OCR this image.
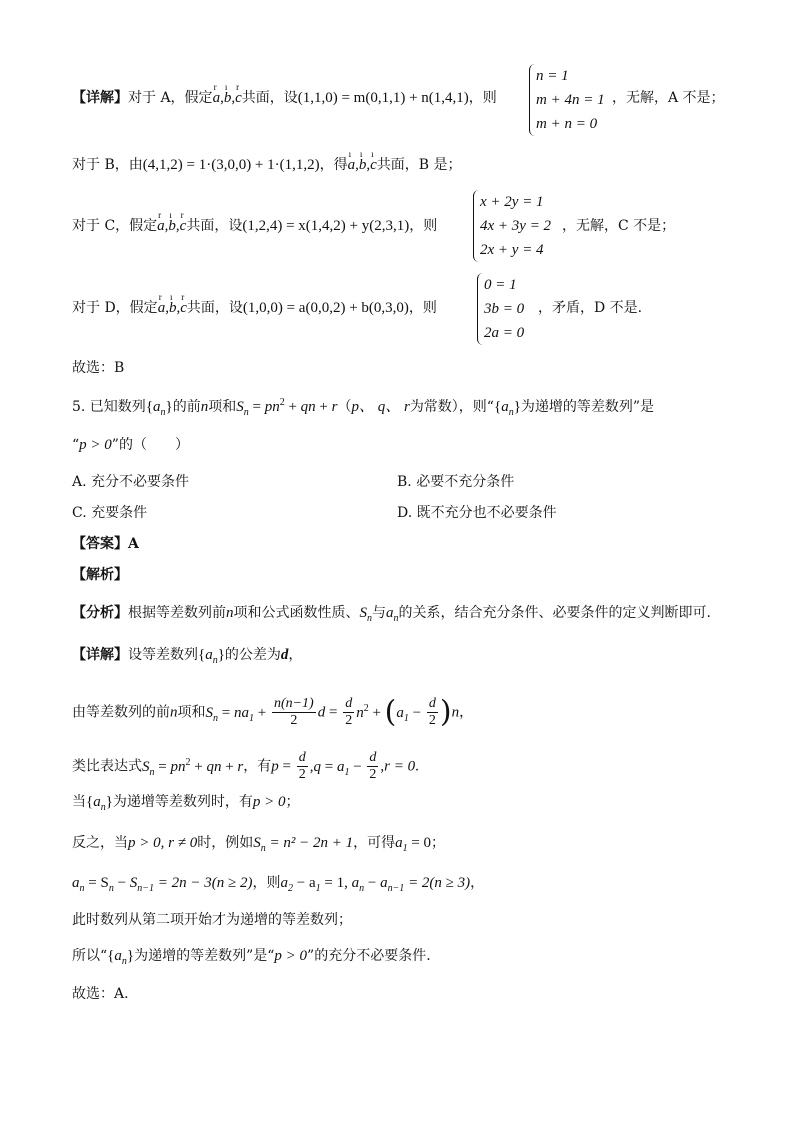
【详解】对于 A，假定r a,ı b,r c共面，设(1,1,0) = m(0,1,1) + n(1,4,1)，则
n = 1
m + 4n = 1
m + n = 0
，无解，A 不是；
对于 B，由(4,1,2) = 1·(3,0,0) + 1·(1,1,2)，得ı a,ı b,ı c共面，B 是；
对于 C，假定r a,ı b,r c共面，设(1,2,4) = x(1,4,2) + y(2,3,1)，则
x + 2y = 1
4x + 3y = 2
2x + y = 4
，无解，C 不是；
对于 D，假定r a,ı b,r c共面，设(1,0,0) = a(0,0,2) + b(0,3,0)，则
0 = 1
3b = 0
2a = 0
，矛盾，D 不是.
故选：B
5. 已知数列$\{a_n\}$的前n项和$S_n = pn^2$ + qn + r（p、 q、 r为常数），则“$\{a_n\}$为递增的等差数列”是
“p > 0”的（　　）
A. 充分不必要条件	B. 必要不充分条件
C. 充要条件	D. 既不充分也不必要条件
【答案】A
【解析】
【分析】根据等差数列前n项和公式函数性质、$S_n$与$a_n$的关系，结合充分条件、必要条件的定义判断即可.
【详解】设等差数列$\{a_n\}$的公差为d，
由等差数列的前n项和$S_n = na_1 + \frac{n(n-1)}{2}$ $d = \frac{d}{2} n^2 + (a_1 - \frac{d}{2} )n$，
类比表达式$S_n = pn^2$ + qn + r，有$p = \frac{d}{2} ,q = a_1 - \frac{d}{2} ,r = 0$.
当$\{a_n\}$为递增等差数列时，有p > 0；
反之，当p > 0, r ≠ 0时，例如$S_n = n^2 - 2n + 1$，可得$a_1 = 0$；
$a_n = S_n - S_{n-1} = 2n - 3(n \ge 2)$，则$a_2 - a_1 = 1$, $a_n - a_{n-1} = 2(n \ge 3)$，
此时数列从第二项开始才为递增的等差数列；
所以“$\{a_n\}$为递增的等差数列”是“p > 0”的充分不必要条件.
故选：A.
